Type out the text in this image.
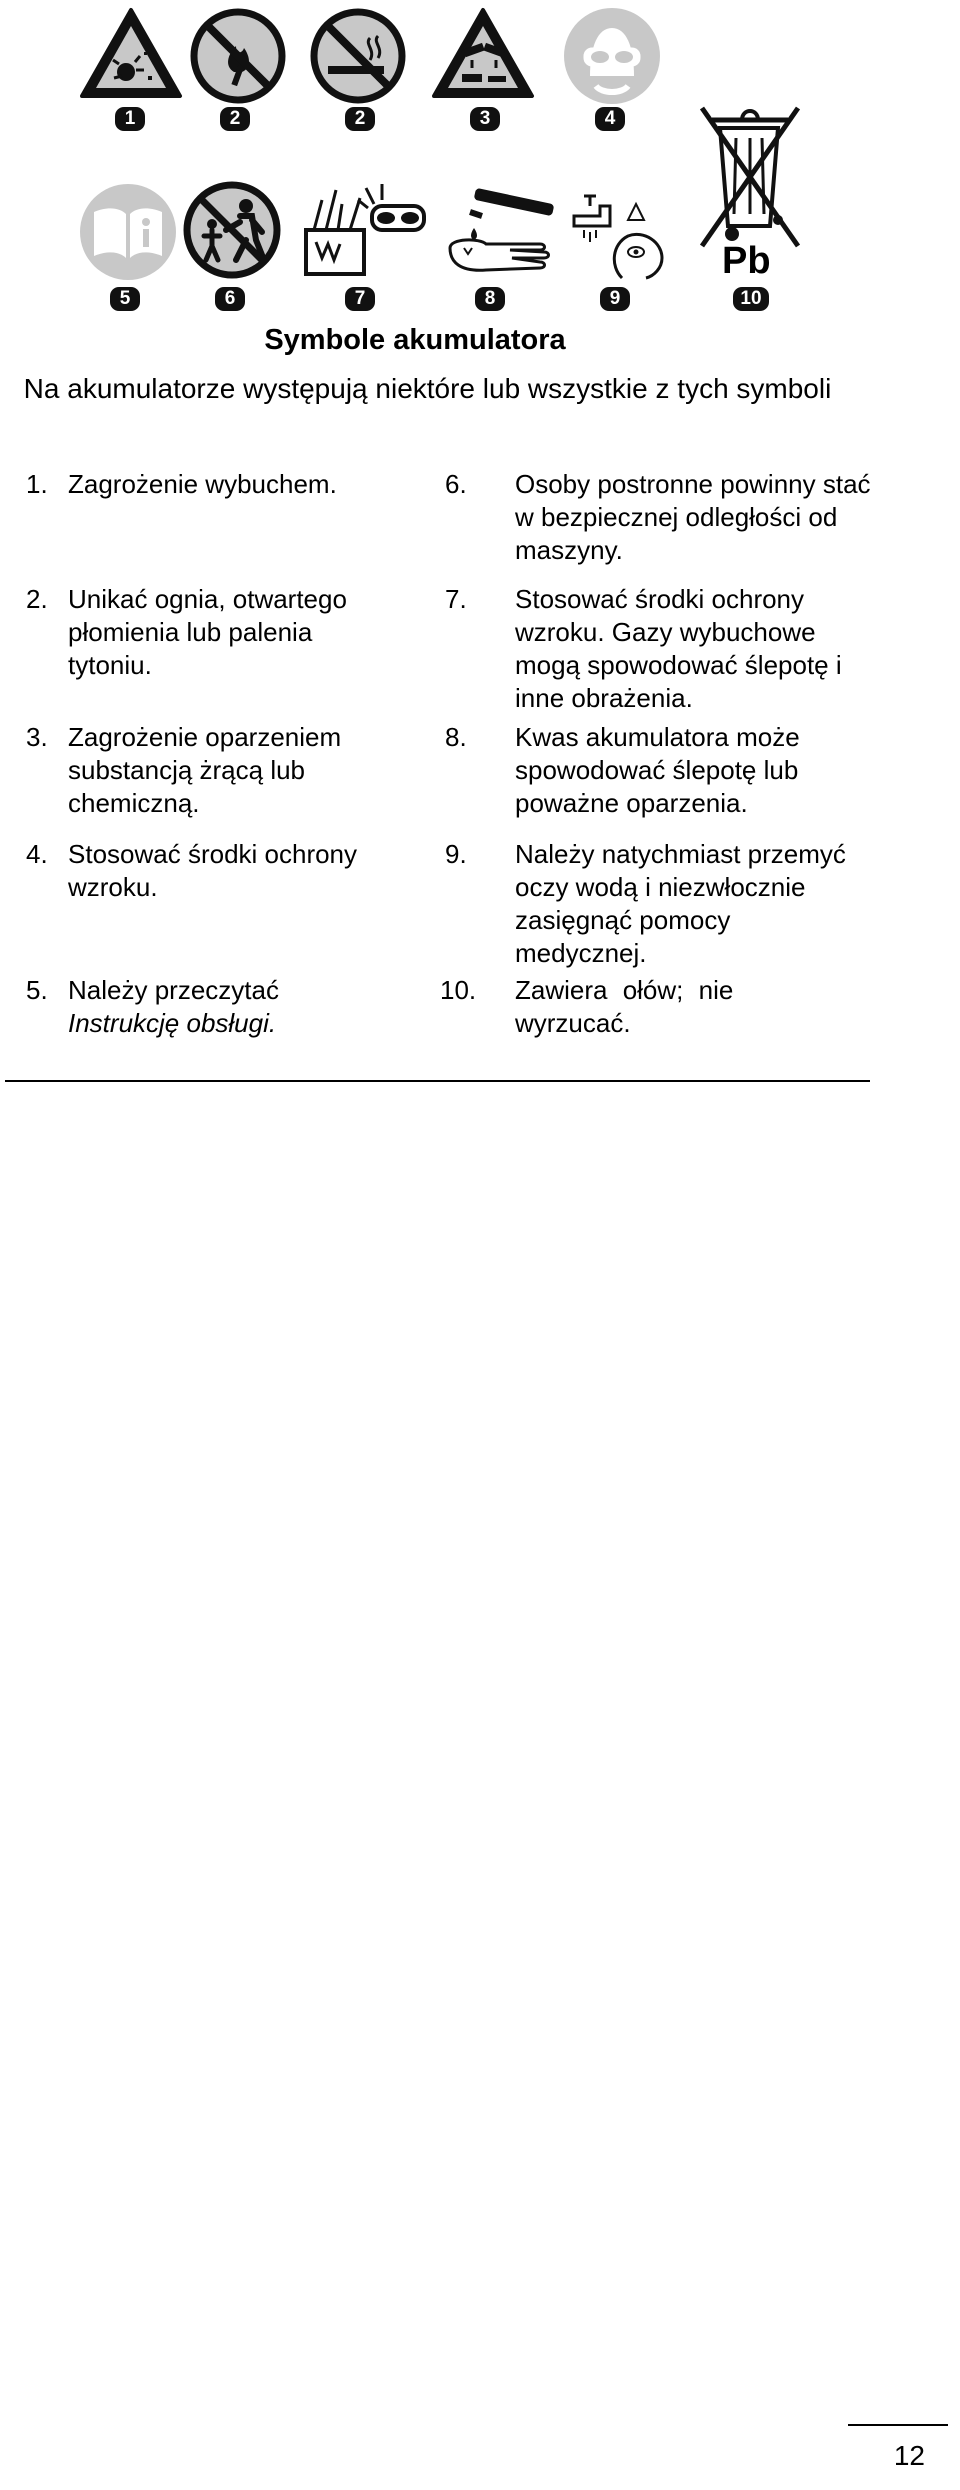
1	2	2	3	4
Pb
5	6	7	8	9	10
Symbole akumulatora

Na akumulatorze występują niektóre lub wszystkie z tych symboli

1. Zagrożenie wybuchem.
2. Unikać ognia, otwartego płomienia lub palenia tytoniu.
3. Zagrożenie oparzeniem substancją żrącą lub chemiczną.
4. Stosować środki ochrony wzroku.
5. Należy przeczytać
Instrukcję obsługi.
6.	Osoby postronne powinny stać w bezpiecznej odległości od maszyny.
7.	Stosować środki ochrony wzroku. Gazy wybuchowe mogą spowodować ślepotę i inne obrażenia.
8.	Kwas akumulatora może spowodować ślepotę lub poważne oparzenia.
9.	Należy natychmiast przemyć oczy wodą i niezwłocznie zasięgnąć pomocy medycznej.
10.	Zawiera ołów; nie wyrzucać.
12
